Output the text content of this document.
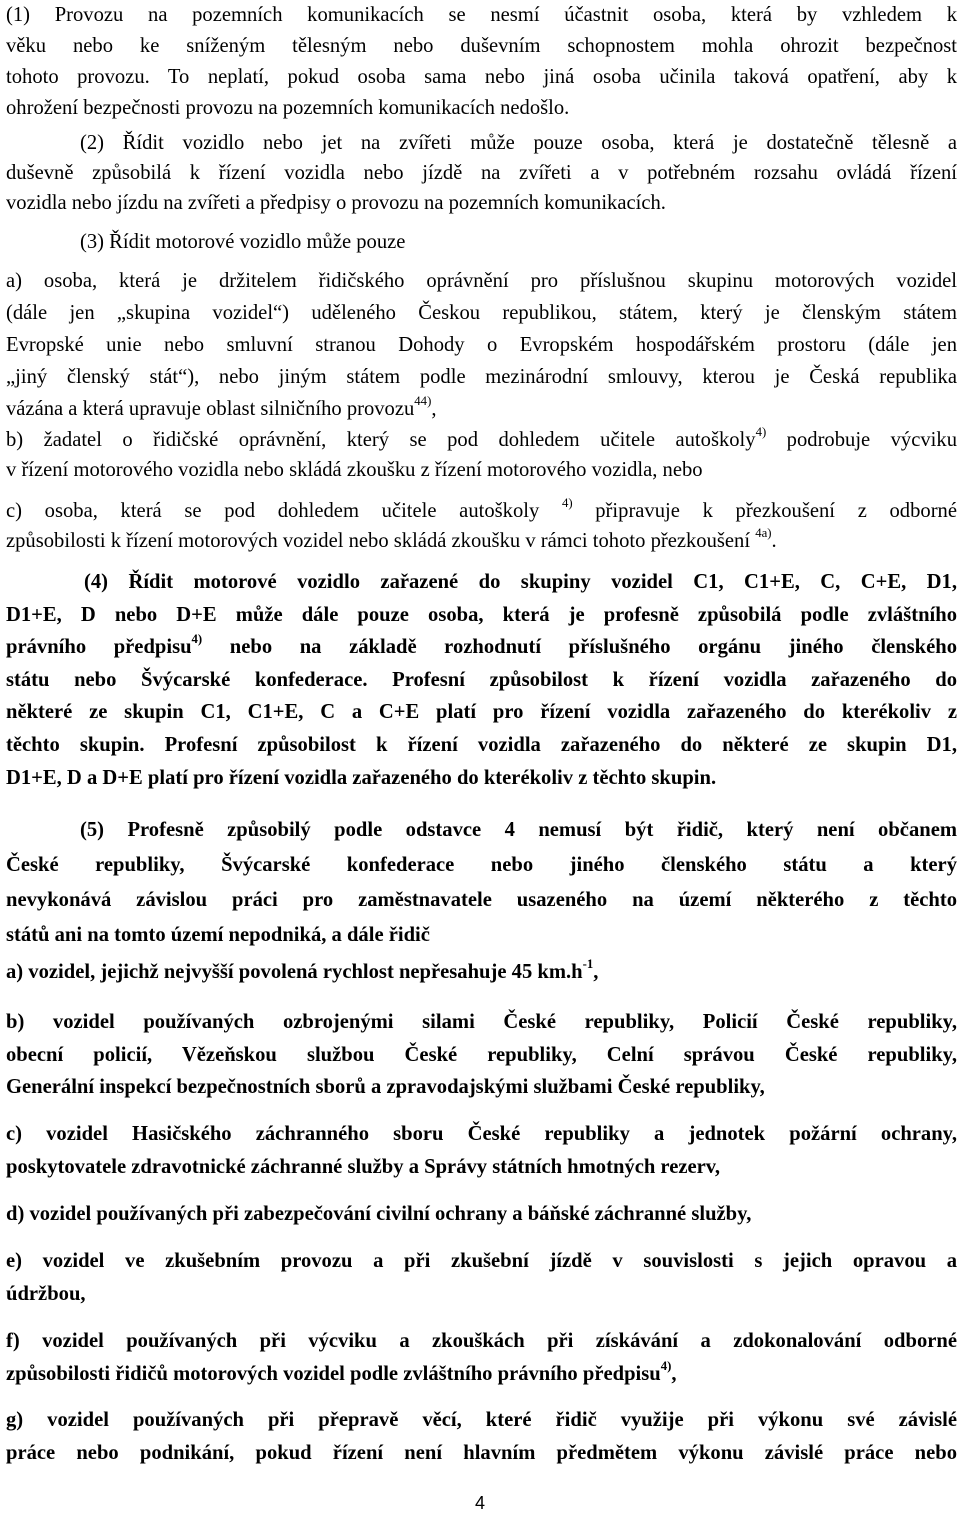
(1) Provozu na pozemních komunikacích se nesmí účastnit osoba, která by vzhledem k
věku nebo ke sníženým tělesným nebo duševním schopnostem mohla ohrozit bezpečnost
tohoto provozu. To neplatí, pokud osoba sama nebo jiná osoba učinila taková opatření, aby k
ohrožení bezpečnosti provozu na pozemních komunikacích nedošlo.
(2) Řídit vozidlo nebo jet na zvířeti může pouze osoba, která je dostatečně tělesně a
duševně způsobilá k řízení vozidla nebo jízdě na zvířeti a v potřebném rozsahu ovládá řízení
vozidla nebo jízdu na zvířeti a předpisy o provozu na pozemních komunikacích.
(3) Řídit motorové vozidlo může pouze
a) osoba, která je držitelem řidičského oprávnění pro příslušnou skupinu motorových vozidel
(dále jen „skupina vozidel“) uděleného Českou republikou, státem, který je členským státem
Evropské unie nebo smluvní stranou Dohody o Evropském hospodářském prostoru (dále jen
„jiný členský stát“), nebo jiným státem podle mezinárodní smlouvy, kterou je Česká republika
vázána a která upravuje oblast silničního provozu$^{44)}$,
b) žadatel o řidičské oprávnění, který se pod dohledem učitele autoškoly$^{4)}$ podrobuje výcviku
v řízení motorového vozidla nebo skládá zkoušku z řízení motorového vozidla, nebo
c) osoba, která se pod dohledem učitele autoškoly $^{4)}$ připravuje k přezkoušení z odborné
způsobilosti k řízení motorových vozidel nebo skládá zkoušku v rámci tohoto přezkoušení $^{4a)}$.
(4) Řídit motorové vozidlo zařazené do skupiny vozidel C1, C1+E, C, C+E, D1,
D1+E, D nebo D+E může dále pouze osoba, která je profesně způsobilá podle zvláštního
právního předpisu$^{4)}$ nebo na základě rozhodnutí příslušného orgánu jiného členského
státu nebo Švýcarské konfederace. Profesní způsobilost k řízení vozidla zařazeného do
některé ze skupin C1, C1+E, C a C+E platí pro řízení vozidla zařazeného do kterékoliv z
těchto skupin. Profesní způsobilost k řízení vozidla zařazeného do některé ze skupin D1,
D1+E, D a D+E platí pro řízení vozidla zařazeného do kterékoliv z těchto skupin.
(5) Profesně způsobilý podle odstavce 4 nemusí být řidič, který není občanem
České republiky, Švýcarské konfederace nebo jiného členského státu a který
nevykonává závislou práci pro zaměstnavatele usazeného na území některého z těchto
států ani na tomto území nepodniká, a dále řidič
a) vozidel, jejichž nejvyšší povolená rychlost nepřesahuje 45 $km.h^{-1}$,
b) vozidel používaných ozbrojenými silami České republiky, Policií České republiky,
obecní policií, Vězeňskou službou České republiky, Celní správou České republiky,
Generální inspekcí bezpečnostních sborů a zpravodajskými službami České republiky,
c) vozidel Hasičského záchranného sboru České republiky a jednotek požární ochrany,
poskytovatele zdravotnické záchranné služby a Správy státních hmotných rezerv,
d) vozidel používaných při zabezpečování civilní ochrany a báňské záchranné služby,
e) vozidel ve zkušebním provozu a při zkušební jízdě v souvislosti s jejich opravou a
údržbou,
f) vozidel používaných při výcviku a zkouškách při získávání a zdokonalování odborné
způsobilosti řidičů motorových vozidel podle zvláštního právního předpisu$^{4)}$,
g) vozidel používaných při přepravě věcí, které řidič využije při výkonu své závislé
práce nebo podnikání, pokud řízení není hlavním předmětem výkonu závislé práce nebo
4
